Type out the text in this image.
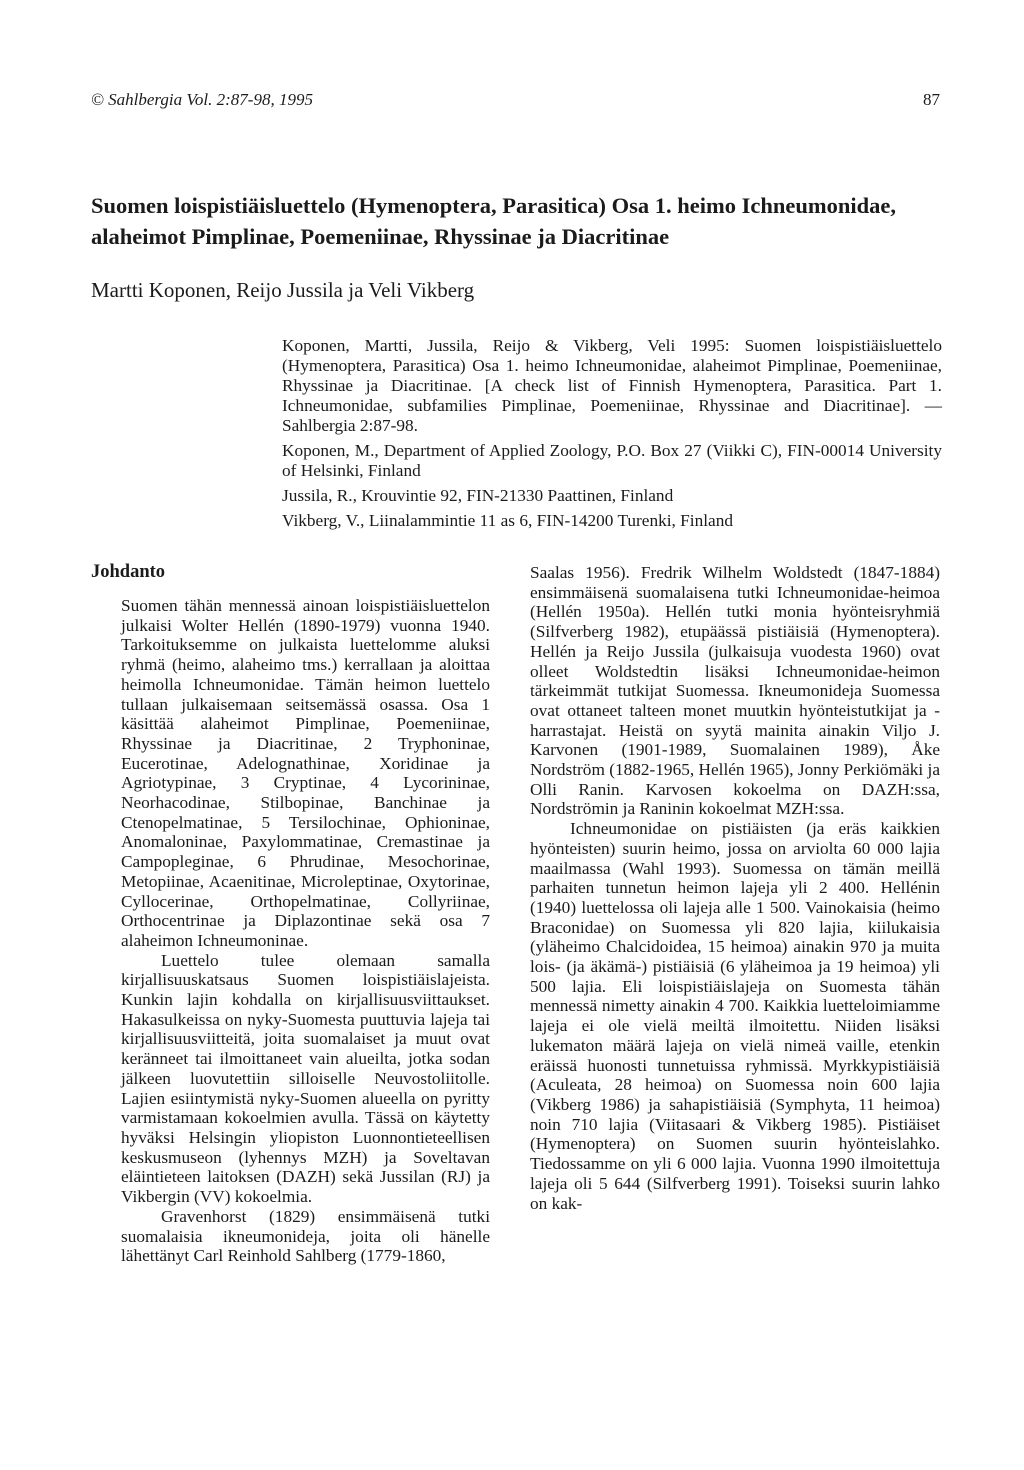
© Sahlbergia Vol. 2:87-98, 1995	87
Suomen loispistiäisluettelo (Hymenoptera, Parasitica) Osa 1. heimo Ichneumonidae, alaheimot Pimplinae, Poemeniinae, Rhyssinae ja Diacritinae
Martti Koponen, Reijo Jussila ja Veli Vikberg

Koponen, Martti, Jussila, Reijo & Vikberg, Veli 1995: Suomen loispistiäisluettelo (Hymenoptera, Parasitica) Osa 1. heimo Ichneumonidae, alaheimot Pimplinae, Poemeniinae, Rhyssinae ja Diacritinae. [A check list of Finnish Hymenoptera, Parasitica. Part 1. Ichneumonidae, subfamilies Pimplinae, Poemeniinae, Rhyssinae and Diacritinae]. — Sahlbergia 2:87-98.

Koponen, M., Department of Applied Zoology, P.O. Box 27 (Viikki C), FIN-00014 University of Helsinki, Finland

Jussila, R., Krouvintie 92, FIN-21330 Paattinen, Finland

Vikberg, V., Liinalammintie 11 as 6, FIN-14200 Turenki, Finland

Johdanto

Suomen tähän mennessä ainoan loispistiäisluettelon julkaisi Wolter Hellén (1890-1979) vuonna 1940. Tarkoituksemme on julkaista luettelomme aluksi ryhmä (heimo, alaheimo tms.) kerrallaan ja aloittaa heimolla Ichneumonidae. Tämän heimon luettelo tullaan julkaisemaan seitsemässä osassa. Osa 1 käsittää alaheimot Pimplinae, Poemeniinae, Rhyssinae ja Diacritinae, 2 Tryphoninae, Eucerotinae, Adelognathinae, Xoridinae ja Agriotypinae, 3 Cryptinae, 4 Lycorininae, Neorhacodinae, Stilbopinae, Banchinae ja Ctenopelmatinae, 5 Tersilochinae, Ophioninae, Anomaloninae, Paxylommatinae, Cremastinae ja Campopleginae, 6 Phrudinae, Mesochorinae, Metopiinae, Acaenitinae, Microleptinae, Oxytorinae, Cyllocerinae, Orthopelmatinae, Collyriinae, Orthocentrinae ja Diplazontinae sekä osa 7 alaheimon Ichneumoninae.

Luettelo tulee olemaan samalla kirjallisuuskatsaus Suomen loispistiäislajeista. Kunkin lajin kohdalla on kirjallisuusviittaukset. Hakasulkeissa on nyky-Suomesta puuttuvia lajeja tai kirjallisuusviitteitä, joita suomalaiset ja muut ovat keränneet tai ilmoittaneet vain alueilta, jotka sodan jälkeen luovutettiin silloiselle Neuvostoliitolle. Lajien esiintymistä nyky-Suomen alueella on pyritty varmistamaan kokoelmien avulla. Tässä on käytetty hyväksi Helsingin yliopiston Luonnontieteellisen keskusmuseon (lyhennys MZH) ja Soveltavan eläintieteen laitoksen (DAZH) sekä Jussilan (RJ) ja Vikbergin (VV) kokoelmia.

Gravenhorst (1829) ensimmäisenä tutki suomalaisia ikneumonideja, joita oli hänelle lähettänyt Carl Reinhold Sahlberg (1779-1860,

Saalas 1956). Fredrik Wilhelm Woldstedt (1847-1884) ensimmäisenä suomalaisena tutki Ichneumonidae-heimoa (Hellén 1950a). Hellén tutki monia hyönteisryhmiä (Silfverberg 1982), etupäässä pistiäisiä (Hymenoptera). Hellén ja Reijo Jussila (julkaisuja vuodesta 1960) ovat olleet Woldstedtin lisäksi Ichneumonidae-heimon tärkeimmät tutkijat Suomessa. Ikneumonideja Suomessa ovat ottaneet talteen monet muutkin hyönteistutkijat ja -harrastajat. Heistä on syytä mainita ainakin Viljo J. Karvonen (1901-1989, Suomalainen 1989), Åke Nordström (1882-1965, Hellén 1965), Jonny Perkiömäki ja Olli Ranin. Karvosen kokoelma on DAZH:ssa, Nordströmin ja Raninin kokoelmat MZH:ssa.

Ichneumonidae on pistiäisten (ja eräs kaikkien hyönteisten) suurin heimo, jossa on arviolta 60 000 lajia maailmassa (Wahl 1993). Suomessa on tämän meillä parhaiten tunnetun heimon lajeja yli 2 400. Hellénin (1940) luettelossa oli lajeja alle 1 500. Vainokaisia (heimo Braconidae) on Suomessa yli 820 lajia, kiilukaisia (yläheimo Chalcidoidea, 15 heimoa) ainakin 970 ja muita lois- (ja äkämä-) pistiäisiä (6 yläheimoa ja 19 heimoa) yli 500 lajia. Eli loispistiäislajeja on Suomesta tähän mennessä nimetty ainakin 4 700. Kaikkia luetteloimiamme lajeja ei ole vielä meiltä ilmoitettu. Niiden lisäksi lukematon määrä lajeja on vielä nimeä vaille, etenkin eräissä huonosti tunnetuissa ryhmissä. Myrkkypistiäisiä (Aculeata, 28 heimoa) on Suomessa noin 600 lajia (Vikberg 1986) ja sahapistiäisiä (Symphyta, 11 heimoa) noin 710 lajia (Viitasaari & Vikberg 1985). Pistiäiset (Hymenoptera) on Suomen suurin hyönteislahko. Tiedossamme on yli 6 000 lajia. Vuonna 1990 ilmoitettuja lajeja oli 5 644 (Silfverberg 1991). Toiseksi suurin lahko on kak-
